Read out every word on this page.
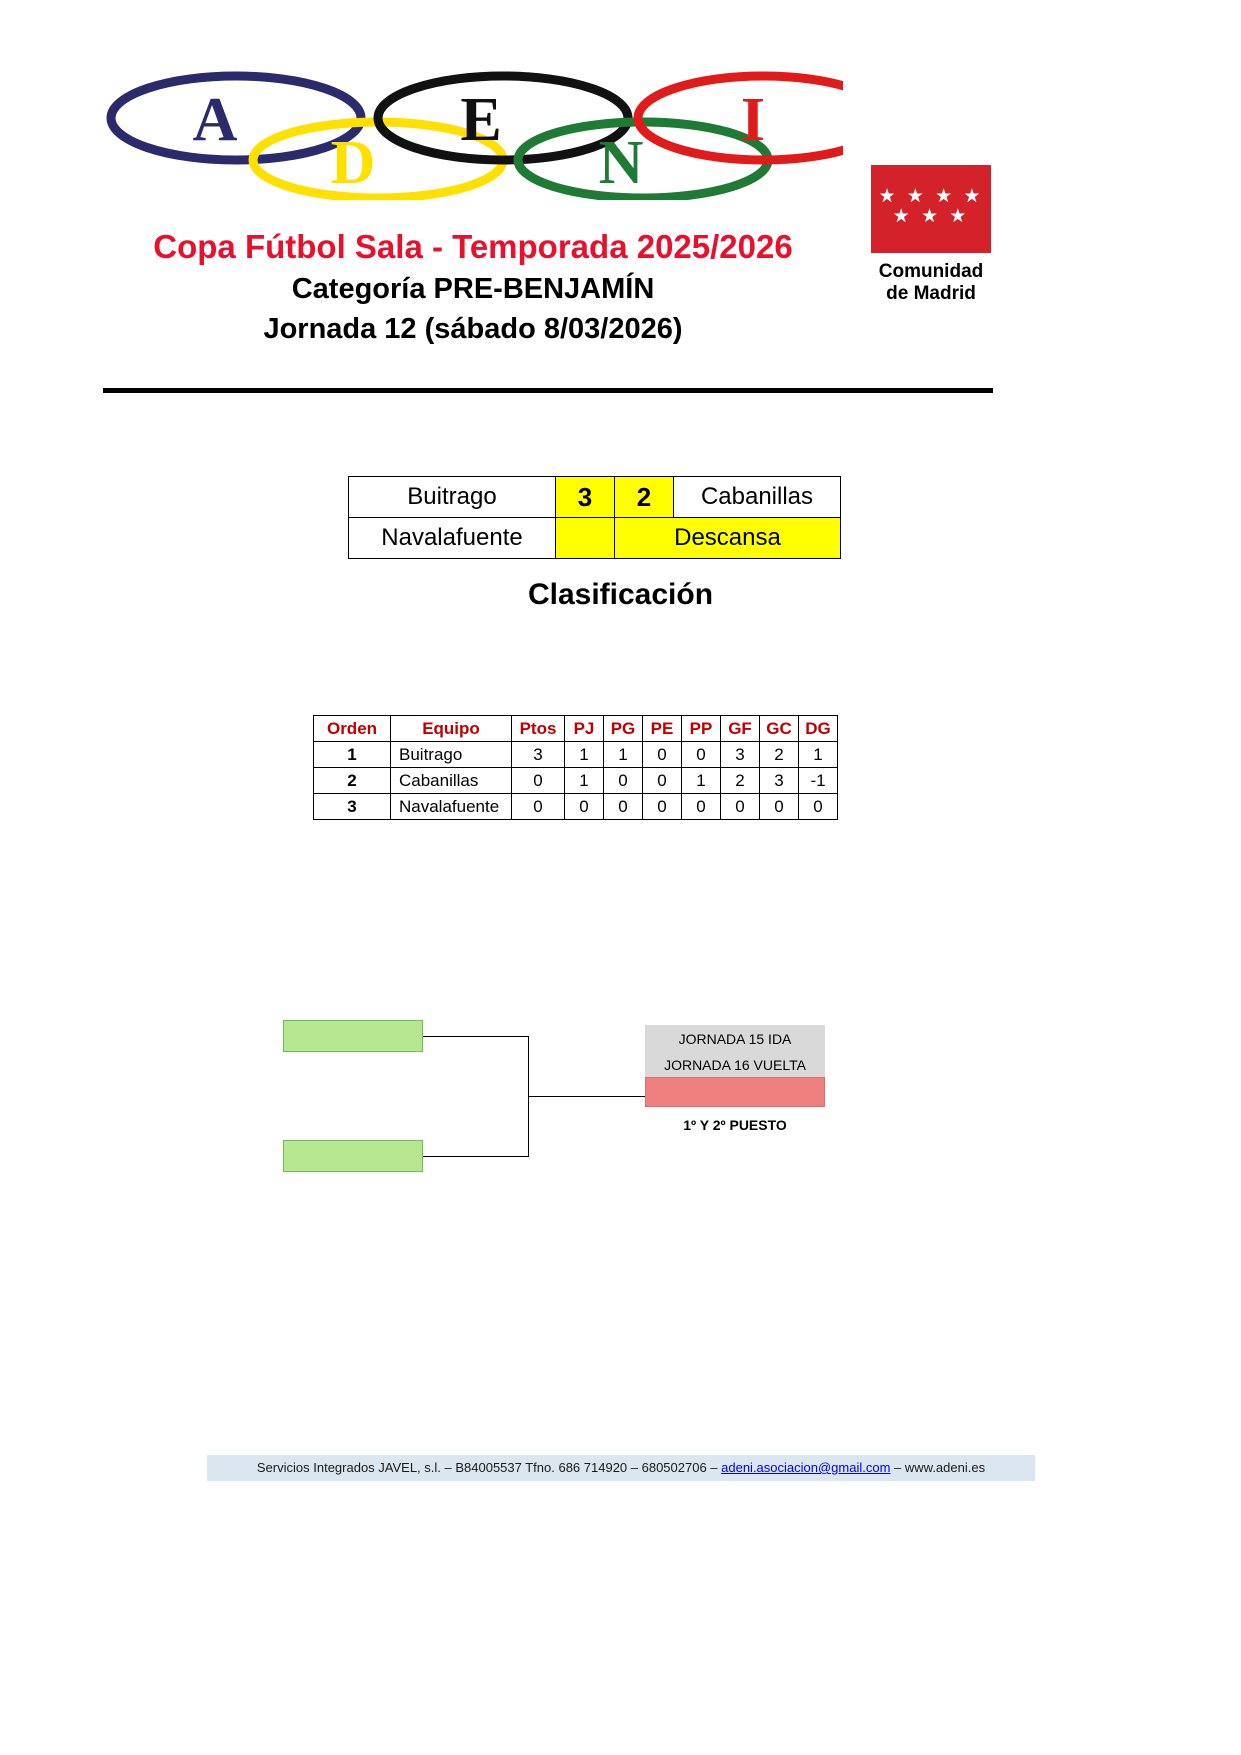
A
D
E
N
I
★ ★ ★ ★
★ ★ ★
Comunidad
de Madrid
Copa Fútbol Sala - Temporada 2025/2026
Categoría PRE-BENJAMÍN
Jornada 12 (sábado 8/03/2026)
Buitrago	3	2	Cabanillas
Navalafuente		Descansa	
Clasificación
Orden	Equipo	Ptos	PJ	PG	PE	PP	GF	GC	DG
1	Buitrago	3	1	1	0	0	3	2	1
2	Cabanillas	0	1	0	0	1	2	3	-1
3	Navalafuente	0	0	0	0	0	0	0	0
JORNADA 15 IDA
JORNADA 16 VUELTA
1º Y 2º PUESTO
Servicios Integrados JAVEL, s.l. – B84005537 Tfno. 686 714920 – 680502706 – adeni.asociacion@gmail.com – www.adeni.es
